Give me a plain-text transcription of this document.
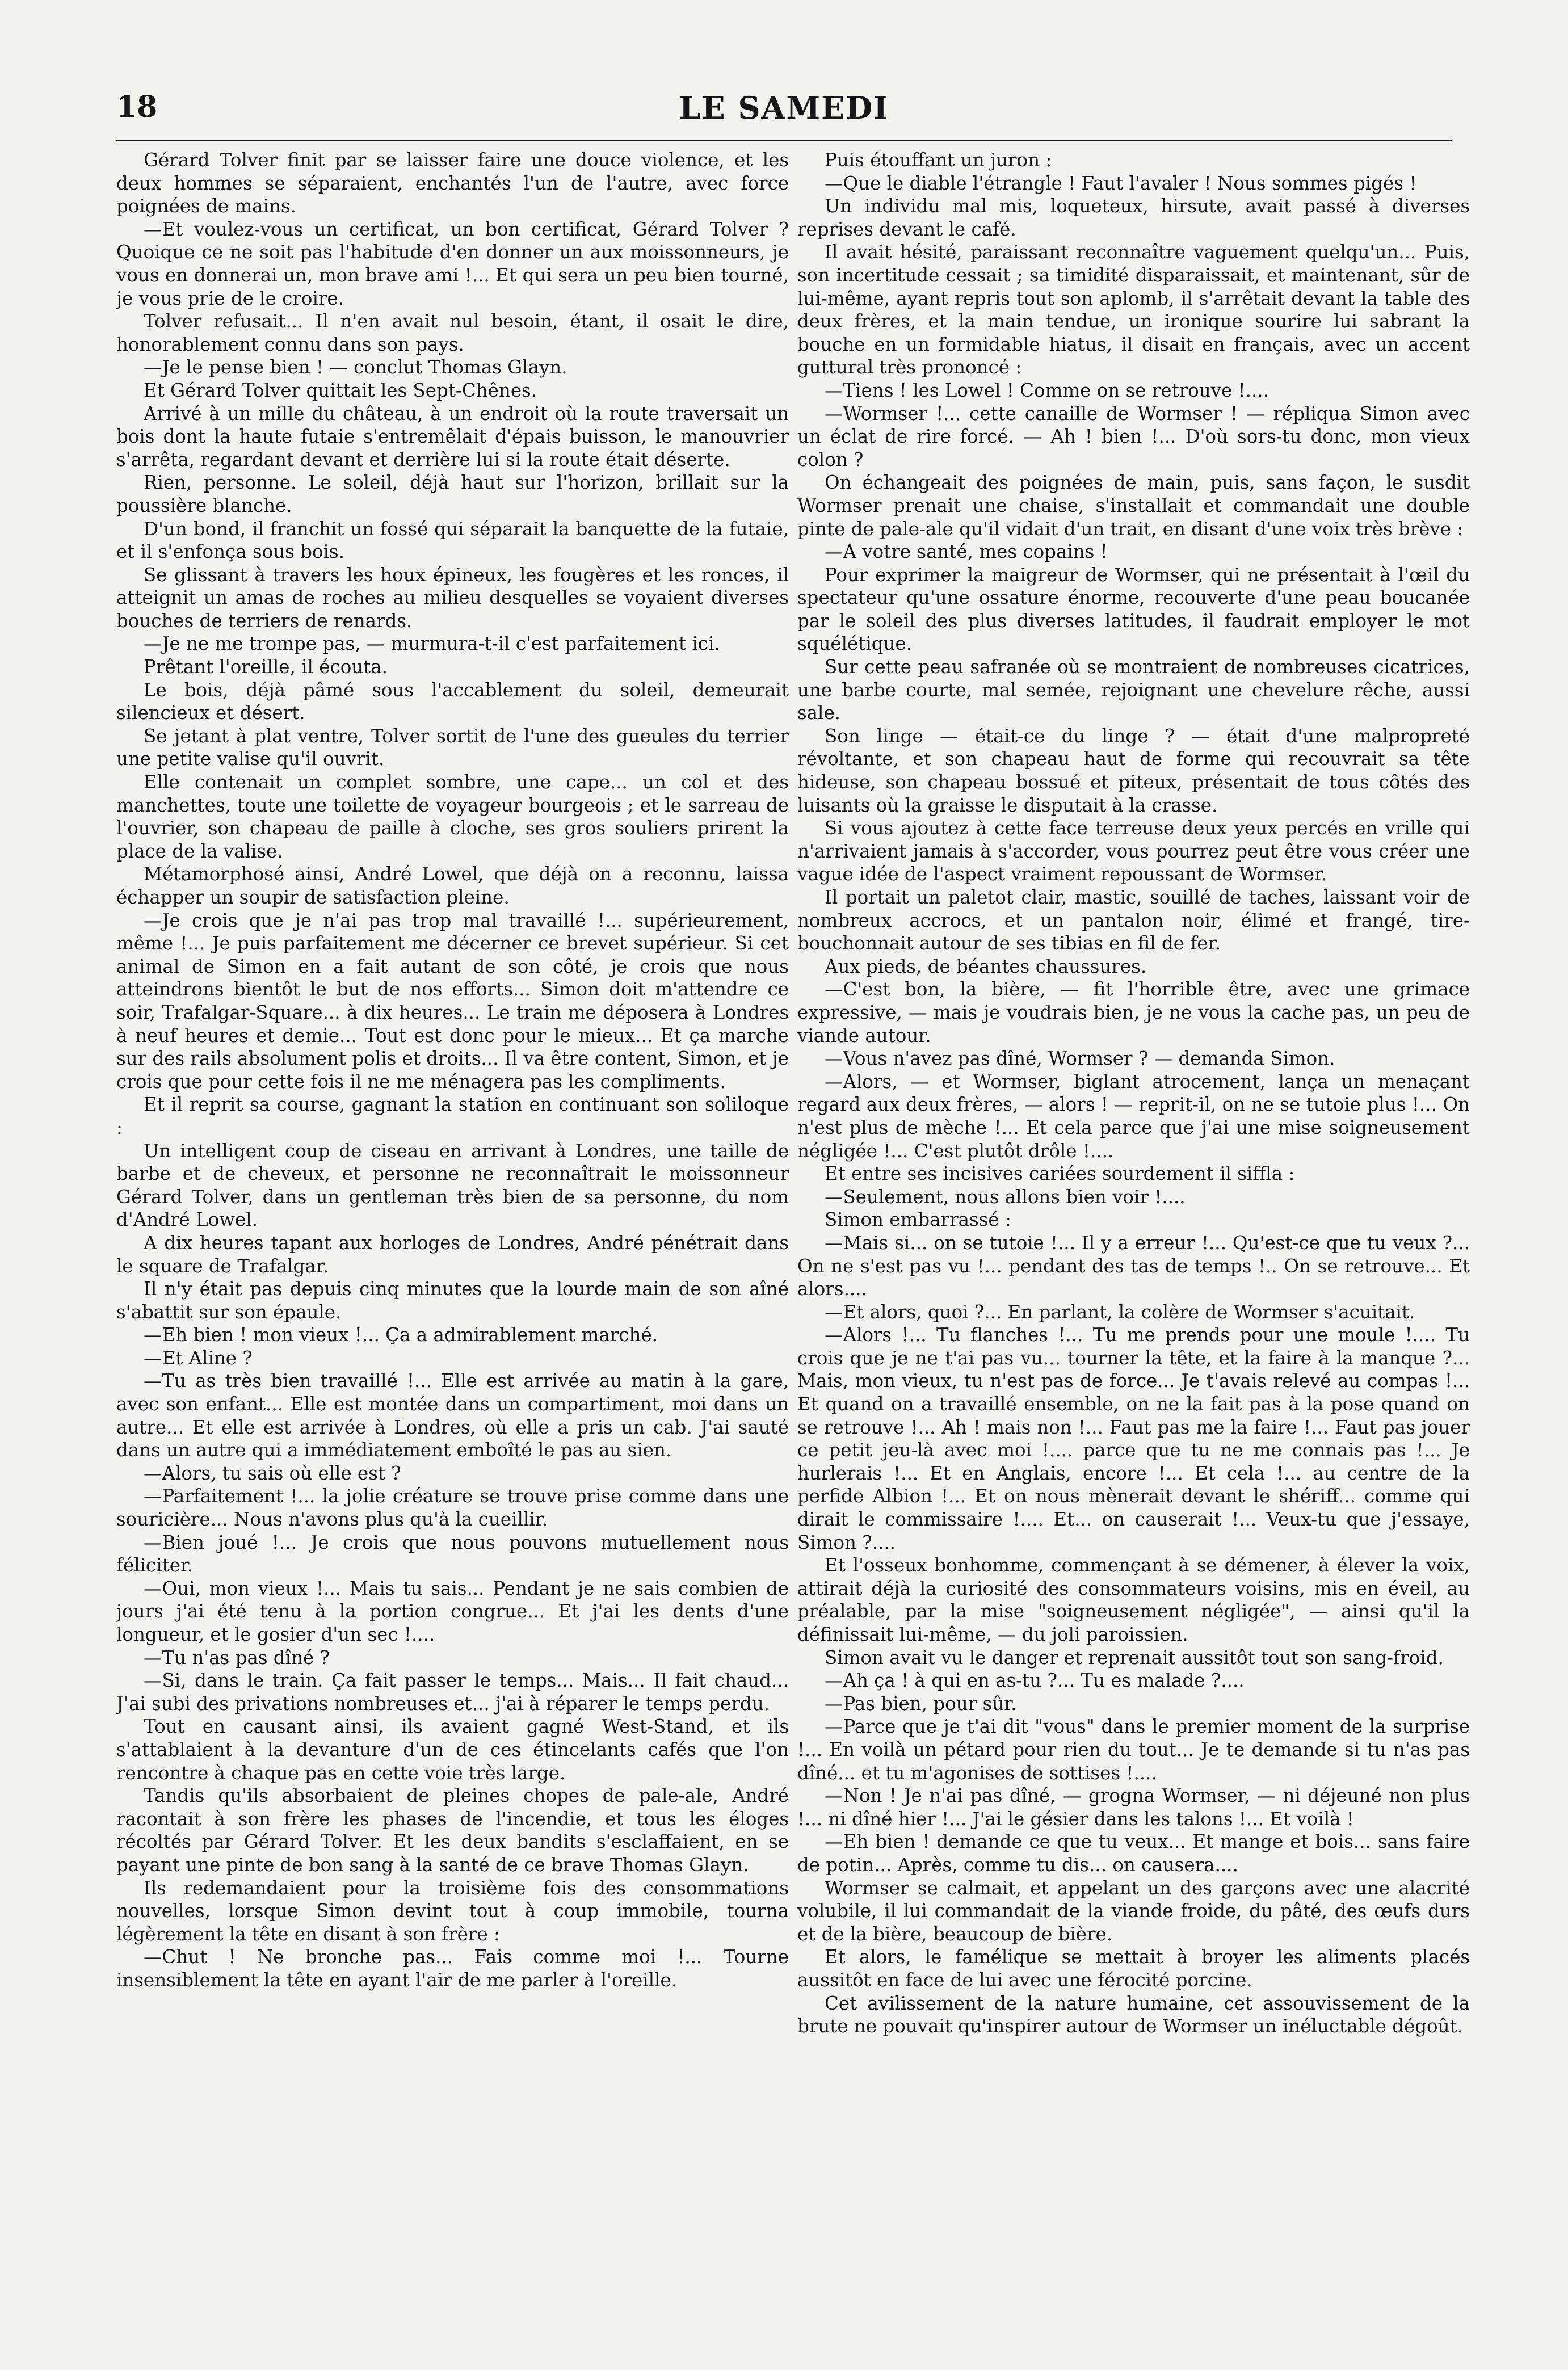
18	LE SAMEDI

Gérard Tolver finit par se laisser faire une douce violence, et les deux hommes se séparaient, enchantés l'un de l'autre, avec force poignées de mains.

—Et voulez-vous un certificat, un bon certificat, Gérard Tolver ? Quoique ce ne soit pas l'habitude d'en donner un aux moissonneurs, je vous en donnerai un, mon brave ami !... Et qui sera un peu bien tourné, je vous prie de le croire.

Tolver refusait... Il n'en avait nul besoin, étant, il osait le dire, honorablement connu dans son pays.

—Je le pense bien ! — conclut Thomas Glayn.

Et Gérard Tolver quittait les Sept-Chênes.

Arrivé à un mille du château, à un endroit où la route traversait un bois dont la haute futaie s'entremêlait d'épais buisson, le manouvrier s'arrêta, regardant devant et derrière lui si la route était déserte.

Rien, personne. Le soleil, déjà haut sur l'horizon, brillait sur la poussière blanche.

D'un bond, il franchit un fossé qui séparait la banquette de la futaie, et il s'enfonça sous bois.

Se glissant à travers les houx épineux, les fougères et les ronces, il atteignit un amas de roches au milieu desquelles se voyaient diverses bouches de terriers de renards.

—Je ne me trompe pas, — murmura-t-il c'est parfaitement ici.

Prêtant l'oreille, il écouta.

Le bois, déjà pâmé sous l'accablement du soleil, demeurait silencieux et désert.

Se jetant à plat ventre, Tolver sortit de l'une des gueules du terrier une petite valise qu'il ouvrit.

Elle contenait un complet sombre, une cape... un col et des manchettes, toute une toilette de voyageur bourgeois ; et le sarreau de l'ouvrier, son chapeau de paille à cloche, ses gros souliers prirent la place de la valise.

Métamorphosé ainsi, André Lowel, que déjà on a reconnu, laissa échapper un soupir de satisfaction pleine.

—Je crois que je n'ai pas trop mal travaillé !... supérieurement, même !... Je puis parfaitement me décerner ce brevet supérieur. Si cet animal de Simon en a fait autant de son côté, je crois que nous atteindrons bientôt le but de nos efforts... Simon doit m'attendre ce soir, Trafalgar-Square... à dix heures... Le train me déposera à Londres à neuf heures et demie... Tout est donc pour le mieux... Et ça marche sur des rails absolument polis et droits... Il va être content, Simon, et je crois que pour cette fois il ne me ménagera pas les compliments.

Et il reprit sa course, gagnant la station en continuant son soliloque :

Un intelligent coup de ciseau en arrivant à Londres, une taille de barbe et de cheveux, et personne ne reconnaîtrait le moissonneur Gérard Tolver, dans un gentleman très bien de sa personne, du nom d'André Lowel.

A dix heures tapant aux horloges de Londres, André pénétrait dans le square de Trafalgar.

Il n'y était pas depuis cinq minutes que la lourde main de son aîné s'abattit sur son épaule.

—Eh bien ! mon vieux !... Ça a admirablement marché.

—Et Aline ?

—Tu as très bien travaillé !... Elle est arrivée au matin à la gare, avec son enfant... Elle est montée dans un compartiment, moi dans un autre... Et elle est arrivée à Londres, où elle a pris un cab. J'ai sauté dans un autre qui a immédiatement emboîté le pas au sien.

—Alors, tu sais où elle est ?

—Parfaitement !... la jolie créature se trouve prise comme dans une souricière... Nous n'avons plus qu'à la cueillir.

—Bien joué !... Je crois que nous pouvons mutuellement nous féliciter.

—Oui, mon vieux !... Mais tu sais... Pendant je ne sais combien de jours j'ai été tenu à la portion congrue... Et j'ai les dents d'une longueur, et le gosier d'un sec !....

—Tu n'as pas dîné ?

—Si, dans le train. Ça fait passer le temps... Mais... Il fait chaud... J'ai subi des privations nombreuses et... j'ai à réparer le temps perdu.

Tout en causant ainsi, ils avaient gagné West-Stand, et ils s'attablaient à la devanture d'un de ces étincelants cafés que l'on rencontre à chaque pas en cette voie très large.

Tandis qu'ils absorbaient de pleines chopes de pale-ale, André racontait à son frère les phases de l'incendie, et tous les éloges récoltés par Gérard Tolver. Et les deux bandits s'esclaffaient, en se payant une pinte de bon sang à la santé de ce brave Thomas Glayn.

Ils redemandaient pour la troisième fois des consommations nouvelles, lorsque Simon devint tout à coup immobile, tourna légèrement la tête en disant à son frère :

—Chut ! Ne bronche pas... Fais comme moi !... Tourne insensiblement la tête en ayant l'air de me parler à l'oreille.

Puis étouffant un juron :

—Que le diable l'étrangle ! Faut l'avaler ! Nous sommes pigés !

Un individu mal mis, loqueteux, hirsute, avait passé à diverses reprises devant le café.

Il avait hésité, paraissant reconnaître vaguement quelqu'un... Puis, son incertitude cessait ; sa timidité disparaissait, et maintenant, sûr de lui-même, ayant repris tout son aplomb, il s'arrêtait devant la table des deux frères, et la main tendue, un ironique sourire lui sabrant la bouche en un formidable hiatus, il disait en français, avec un accent guttural très prononcé :

—Tiens ! les Lowel ! Comme on se retrouve !....

—Wormser !... cette canaille de Wormser ! — répliqua Simon avec un éclat de rire forcé. — Ah ! bien !... D'où sors-tu donc, mon vieux colon ?

On échangeait des poignées de main, puis, sans façon, le susdit Wormser prenait une chaise, s'installait et commandait une double pinte de pale-ale qu'il vidait d'un trait, en disant d'une voix très brève :

—A votre santé, mes copains !

Pour exprimer la maigreur de Wormser, qui ne présentait à l'œil du spectateur qu'une ossature énorme, recouverte d'une peau boucanée par le soleil des plus diverses latitudes, il faudrait employer le mot squélétique.

Sur cette peau safranée où se montraient de nombreuses cicatrices, une barbe courte, mal semée, rejoignant une chevelure rêche, aussi sale.

Son linge — était-ce du linge ? — était d'une malpropreté révoltante, et son chapeau haut de forme qui recouvrait sa tête hideuse, son chapeau bossué et piteux, présentait de tous côtés des luisants où la graisse le disputait à la crasse.

Si vous ajoutez à cette face terreuse deux yeux percés en vrille qui n'arrivaient jamais à s'accorder, vous pourrez peut être vous créer une vague idée de l'aspect vraiment repoussant de Wormser.

Il portait un paletot clair, mastic, souillé de taches, laissant voir de nombreux accrocs, et un pantalon noir, élimé et frangé, tire-bouchonnait autour de ses tibias en fil de fer.

Aux pieds, de béantes chaussures.

—C'est bon, la bière, — fit l'horrible être, avec une grimace expressive, — mais je voudrais bien, je ne vous la cache pas, un peu de viande autour.

—Vous n'avez pas dîné, Wormser ? — demanda Simon.

—Alors, — et Wormser, biglant atrocement, lança un menaçant regard aux deux frères, — alors ! — reprit-il, on ne se tutoie plus !... On n'est plus de mèche !... Et cela parce que j'ai une mise soigneusement négligée !... C'est plutôt drôle !....

Et entre ses incisives cariées sourdement il siffla :

—Seulement, nous allons bien voir !....

Simon embarrassé :

—Mais si... on se tutoie !... Il y a erreur !... Qu'est-ce que tu veux ?... On ne s'est pas vu !... pendant des tas de temps !.. On se retrouve... Et alors....

—Et alors, quoi ?... En parlant, la colère de Wormser s'acuitait.

—Alors !... Tu flanches !... Tu me prends pour une moule !.... Tu crois que je ne t'ai pas vu... tourner la tête, et la faire à la manque ?... Mais, mon vieux, tu n'est pas de force... Je t'avais relevé au compas !... Et quand on a travaillé ensemble, on ne la fait pas à la pose quand on se retrouve !... Ah ! mais non !... Faut pas me la faire !... Faut pas jouer ce petit jeu-là avec moi !.... parce que tu ne me connais pas !... Je hurlerais !... Et en Anglais, encore !... Et cela !... au centre de la perfide Albion !... Et on nous mènerait devant le shériff... comme qui dirait le commissaire !.... Et... on causerait !... Veux-tu que j'essaye, Simon ?....

Et l'osseux bonhomme, commençant à se démener, à élever la voix, attirait déjà la curiosité des consommateurs voisins, mis en éveil, au préalable, par la mise "soigneusement négligée", — ainsi qu'il la définissait lui-même, — du joli paroissien.

Simon avait vu le danger et reprenait aussitôt tout son sang-froid.

—Ah ça ! à qui en as-tu ?... Tu es malade ?....

—Pas bien, pour sûr.

—Parce que je t'ai dit "vous" dans le premier moment de la surprise !... En voilà un pétard pour rien du tout... Je te demande si tu n'as pas dîné... et tu m'agonises de sottises !....

—Non ! Je n'ai pas dîné, — grogna Wormser, — ni déjeuné non plus !... ni dîné hier !... J'ai le gésier dans les talons !... Et voilà !

—Eh bien ! demande ce que tu veux... Et mange et bois... sans faire de potin... Après, comme tu dis... on causera....

Wormser se calmait, et appelant un des garçons avec une alacrité volubile, il lui commandait de la viande froide, du pâté, des œufs durs et de la bière, beaucoup de bière.

Et alors, le famélique se mettait à broyer les aliments placés aussitôt en face de lui avec une férocité porcine.

Cet avilissement de la nature humaine, cet assouvissement de la brute ne pouvait qu'inspirer autour de Wormser un inéluctable dégoût.
